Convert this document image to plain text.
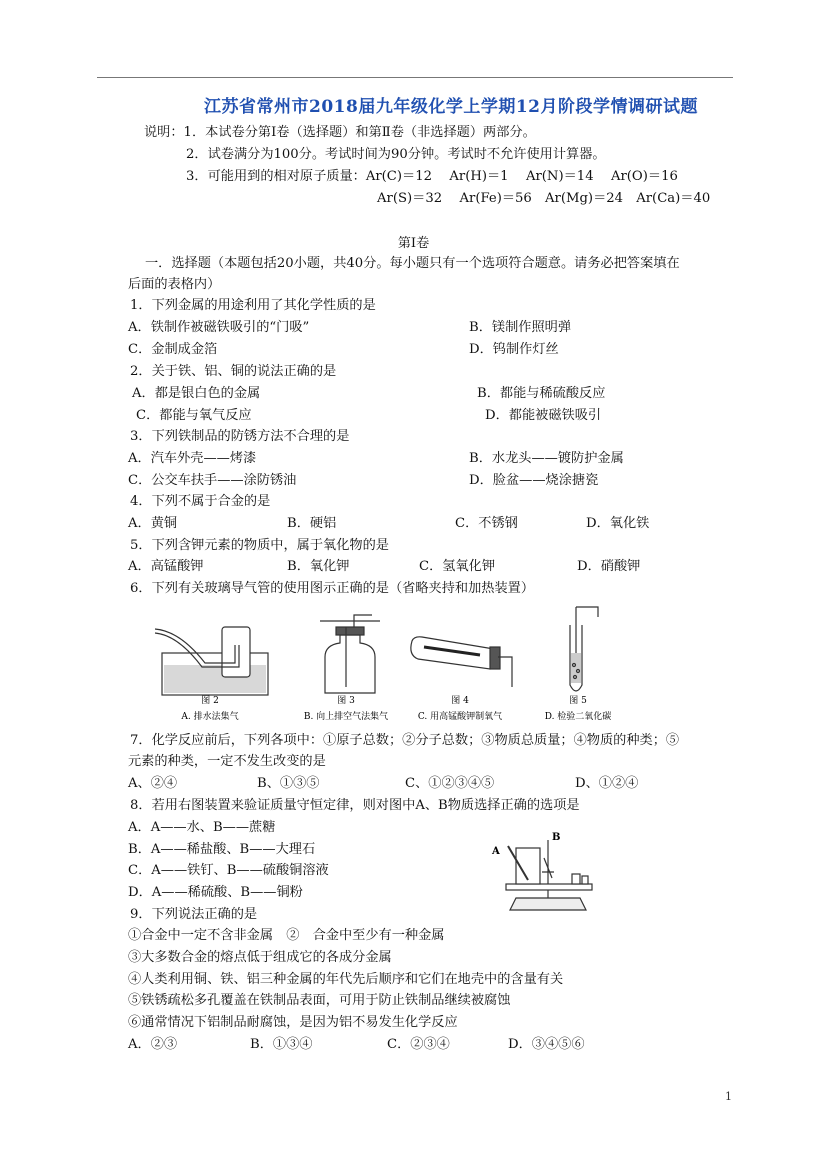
江苏省常州市2018届九年级化学上学期12月阶段学情调研试题
说明：1．本试卷分第Ⅰ卷（选择题）和第Ⅱ卷（非选择题）两部分。
2．试卷满分为100分。考试时间为90分钟。考试时不允许使用计算器。
3．可能用到的相对原子质量：Ar(C)＝12　 Ar(H)＝1　 Ar(N)＝14　 Ar(O)＝16
Ar(S)＝32　 Ar(Fe)＝56　Ar(Mg)＝24　Ar(Ca)＝40
第Ⅰ卷
一．选择题（本题包括20小题，共40分。每小题只有一个选项符合题意。请务必把答案填在
后面的表格内）
1．下列金属的用途利用了其化学性质的是
A．铁制作被磁铁吸引的“门吸”	B．镁制作照明弹
C．金制成金箔	D．钨制作灯丝
2．关于铁、铝、铜的说法正确的是
A．都是银白色的金属	B．都能与稀硫酸反应
C．都能与氧气反应	D．都能被磁铁吸引
3．下列铁制品的防锈方法不合理的是
A．汽车外壳——烤漆	B．水龙头——镀防护金属
C．公交车扶手——涂防锈油	D．脸盆——烧涂搪瓷
4．下列不属于合金的是
A．黄铜	B．硬铝	C．不锈钢	D．氧化铁
5．下列含钾元素的物质中，属于氧化物的是
A．高锰酸钾	B．氧化钾	C．氢氧化钾	D．硝酸钾
6．下列有关玻璃导气管的使用图示正确的是（省略夹持和加热装置）
图 2	图 3	图 4	图 5
A. 排水法集气	B. 向上排空气法集气	C. 用高锰酸钾制氧气	D. 检验二氧化碳
7．化学反应前后，下列各项中：①原子总数；②分子总数；③物质总质量；④物质的种类；⑤
元素的种类，一定不发生改变的是
A、②④	B、①③⑤	C、①②③④⑤	D、①②④
8．若用右图装置来验证质量守恒定律，则对图中A、B物质选择正确的选项是
A．A——水、B——蔗糖
B．A——稀盐酸、B——大理石
C．A——铁钉、B——硫酸铜溶液
D．A——稀硫酸、B——铜粉
A
B
9．下列说法正确的是
①合金中一定不含非金属　②　合金中至少有一种金属
③大多数合金的熔点低于组成它的各成分金属
④人类利用铜、铁、铝三种金属的年代先后顺序和它们在地壳中的含量有关
⑤铁锈疏松多孔覆盖在铁制品表面，可用于防止铁制品继续被腐蚀
⑥通常情况下铝制品耐腐蚀，是因为铝不易发生化学反应
A．②③	B．①③④	C．②③④	D．③④⑤⑥
1
